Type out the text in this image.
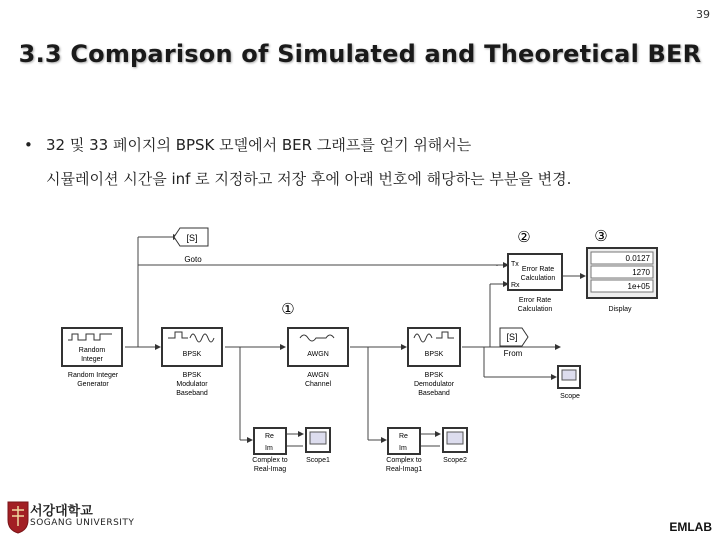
39
3.3 Comparison of Simulated and Theoretical BER
• 32 및 33 페이지의 BPSK 모델에서 BER 그래프를 얻기 위해서는
시뮬레이션 시간을 inf 로 지정하고 저장 후에 아래 번호에 해당하는 부분을 변경.
[S]
Goto
Random
Integer
Random Integer
Generator
BPSK
BPSK
Modulator
Baseband
AWGN
AWGN
Channel
BPSK
BPSK
Demodulator
Baseband
[S]
From
Tx
Rx
Error Rate
Calculation
Error Rate
Calculation
0.0127
1270
1e+05
Display
Scope
Re
Im
Complex to
Real-Imag
Scope1
Re
Im
Complex to
Real-Imag1
Scope2
①
②	③
서강대학교
SOGANG UNIVERSITY	EMLAB
